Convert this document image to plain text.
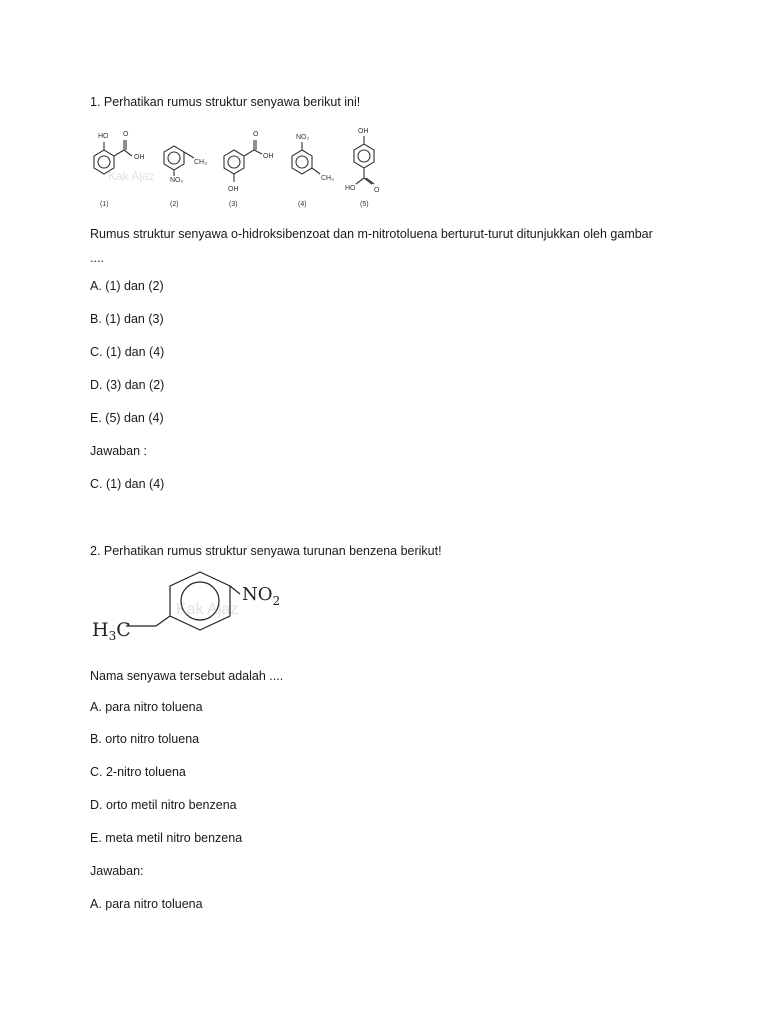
1. Perhatikan rumus struktur senyawa berikut ini!
HO O
OH
(1)
CH₃
NO₂
(2)
O
OH
OH
(3)
NO₂
CH₃
(4)
OH
HO	O
(5)
Kak Ajaz
Rumus struktur senyawa o-hidroksibenzoat dan m-nitrotoluena berturut-turut ditunjukkan oleh gambar
....
A. (1) dan (2)
B. (1) dan (3)
C. (1) dan (4)
D. (3) dan (2)
E. (5) dan (4)
Jawaban :
C. (1) dan (4)
2. Perhatikan rumus struktur senyawa turunan benzena berikut!
$H_3C$
$NO_2$
Kak Ajaz
Nama senyawa tersebut adalah ....
A. para nitro toluena
B. orto nitro toluena
C. 2-nitro toluena
D. orto metil nitro benzena
E. meta metil nitro benzena
Jawaban:
A. para nitro toluena
